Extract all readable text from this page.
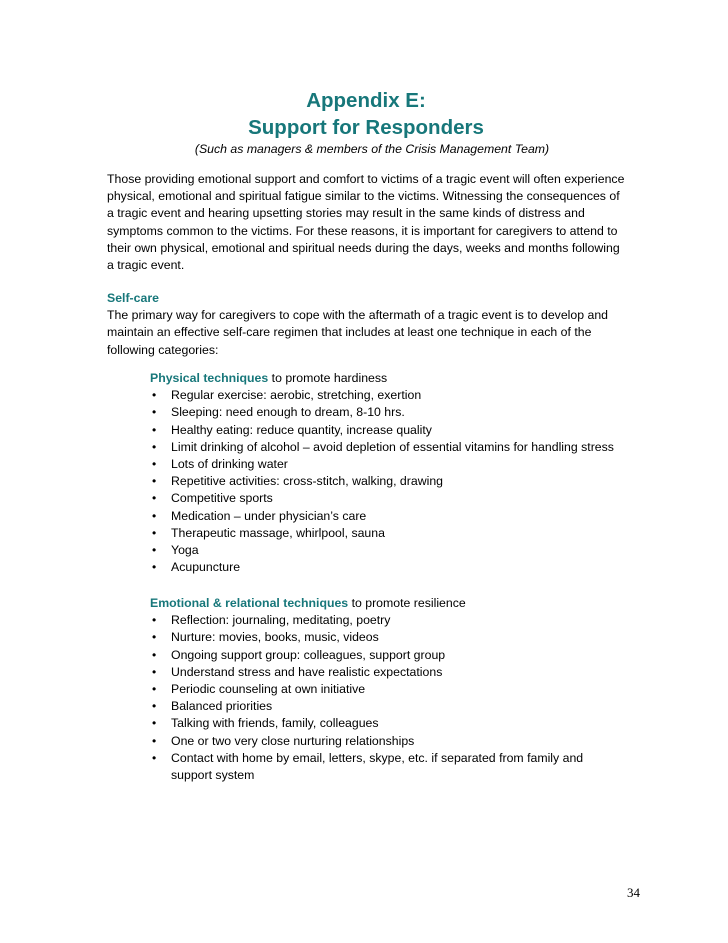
Appendix E:
Support for Responders
(Such as managers & members of the Crisis Management Team)
Those providing emotional support and comfort to victims of a tragic event will often experience physical, emotional and spiritual fatigue similar to the victims. Witnessing the consequences of a tragic event and hearing upsetting stories may result in the same kinds of distress and symptoms common to the victims. For these reasons, it is important for caregivers to attend to their own physical, emotional and spiritual needs during the days, weeks and months following a tragic event.
Self-care
The primary way for caregivers to cope with the aftermath of a tragic event is to develop and maintain an effective self-care regimen that includes at least one technique in each of the following categories:
Physical techniques to promote hardiness
• Regular exercise: aerobic, stretching, exertion
• Sleeping: need enough to dream, 8-10 hrs.
• Healthy eating: reduce quantity, increase quality
• Limit drinking of alcohol – avoid depletion of essential vitamins for handling stress
• Lots of drinking water
• Repetitive activities: cross-stitch, walking, drawing
• Competitive sports
• Medication – under physician’s care
• Therapeutic massage, whirlpool, sauna
• Yoga
• Acupuncture
Emotional & relational techniques to promote resilience
• Reflection: journaling, meditating, poetry
• Nurture: movies, books, music, videos
• Ongoing support group: colleagues, support group
• Understand stress and have realistic expectations
• Periodic counseling at own initiative
• Balanced priorities
• Talking with friends, family, colleagues
• One or two very close nurturing relationships
• Contact with home by email, letters, skype, etc. if separated from family and support system
34
